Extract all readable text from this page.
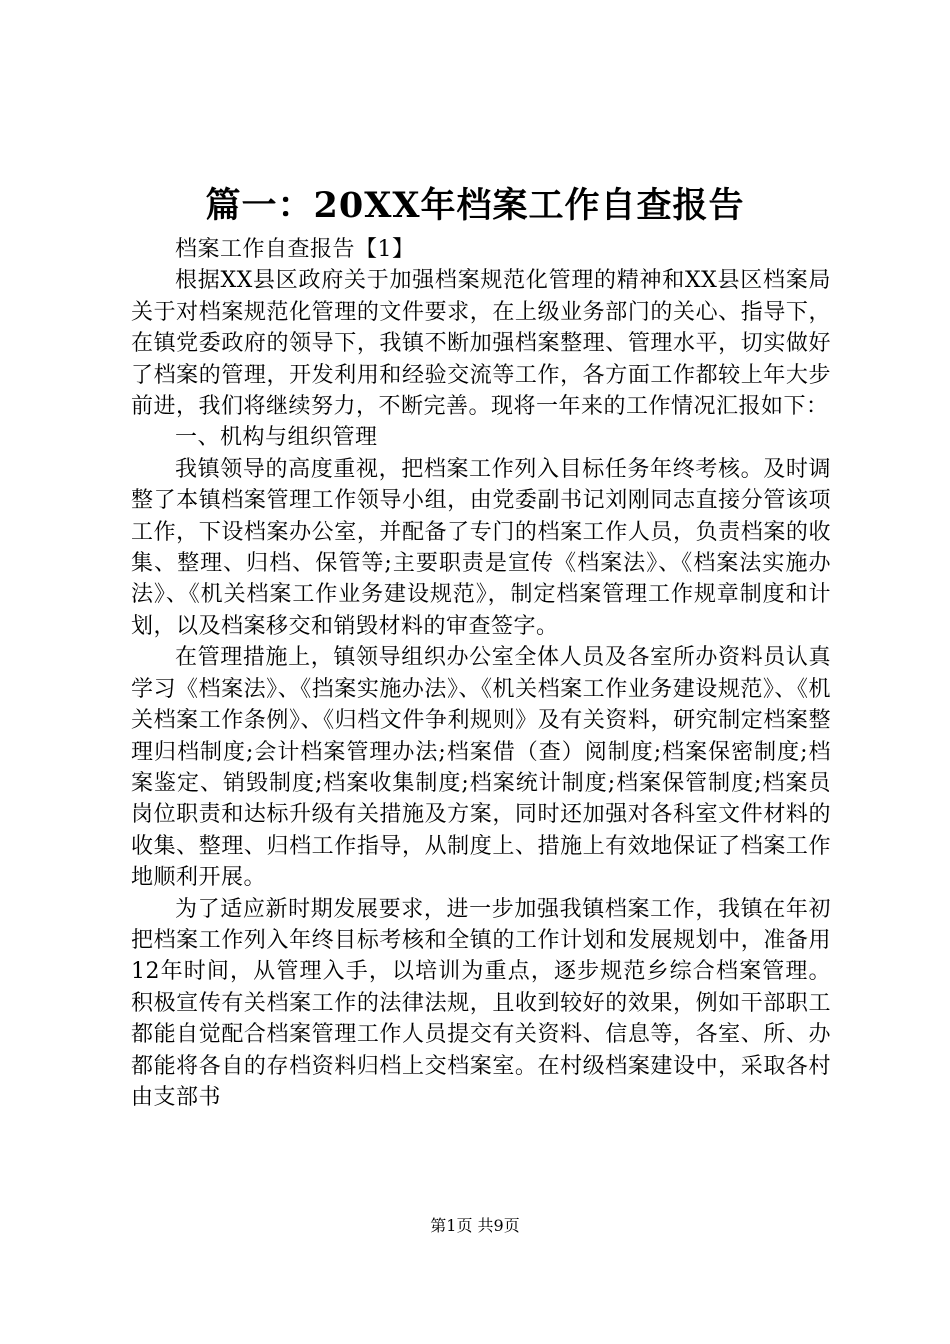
篇一：20XX年档案工作自查报告

档案工作自查报告【1】

根据XX县区政府关于加强档案规范化管理的精神和XX县区档案局关于对档案规范化管理的文件要求，在上级业务部门的关心、指导下，在镇党委政府的领导下，我镇不断加强档案整理、管理水平，切实做好了档案的管理，开发利用和经验交流等工作，各方面工作都较上年大步前进，我们将继续努力，不断完善。现将一年来的工作情况汇报如下：

一、机构与组织管理

我镇领导的高度重视，把档案工作列入目标任务年终考核。及时调整了本镇档案管理工作领导小组，由党委副书记刘刚同志直接分管该项工作，下设档案办公室，并配备了专门的档案工作人员，负责档案的收集、整理、归档、保管等;主要职责是宣传《档案法》、《档案法实施办法》、《机关档案工作业务建设规范》，制定档案管理工作规章制度和计划，以及档案移交和销毁材料的审查签字。

在管理措施上，镇领导组织办公室全体人员及各室所办资料员认真学习《档案法》、《挡案实施办法》、《机关档案工作业务建设规范》、《机关档案工作条例》、《归档文件争利规则》及有关资料，研究制定档案整理归档制度;会计档案管理办法;档案借（查）阅制度;档案保密制度;档案鉴定、销毁制度;档案收集制度;档案统计制度;档案保管制度;档案员岗位职责和达标升级有关措施及方案，同时还加强对各科室文件材料的收集、整理、归档工作指导，从制度上、措施上有效地保证了档案工作地顺利开展。

为了适应新时期发展要求，进一步加强我镇档案工作，我镇在年初把档案工作列入年终目标考核和全镇的工作计划和发展规划中，准备用12年时间，从管理入手，以培训为重点，逐步规范乡综合档案管理。积极宣传有关档案工作的法律法规，且收到较好的效果，例如干部职工都能自觉配合档案管理工作人员提交有关资料、信息等，各室、所、办都能将各自的存档资料归档上交档案室。在村级档案建设中，采取各村由支部书

第1页 共9页
